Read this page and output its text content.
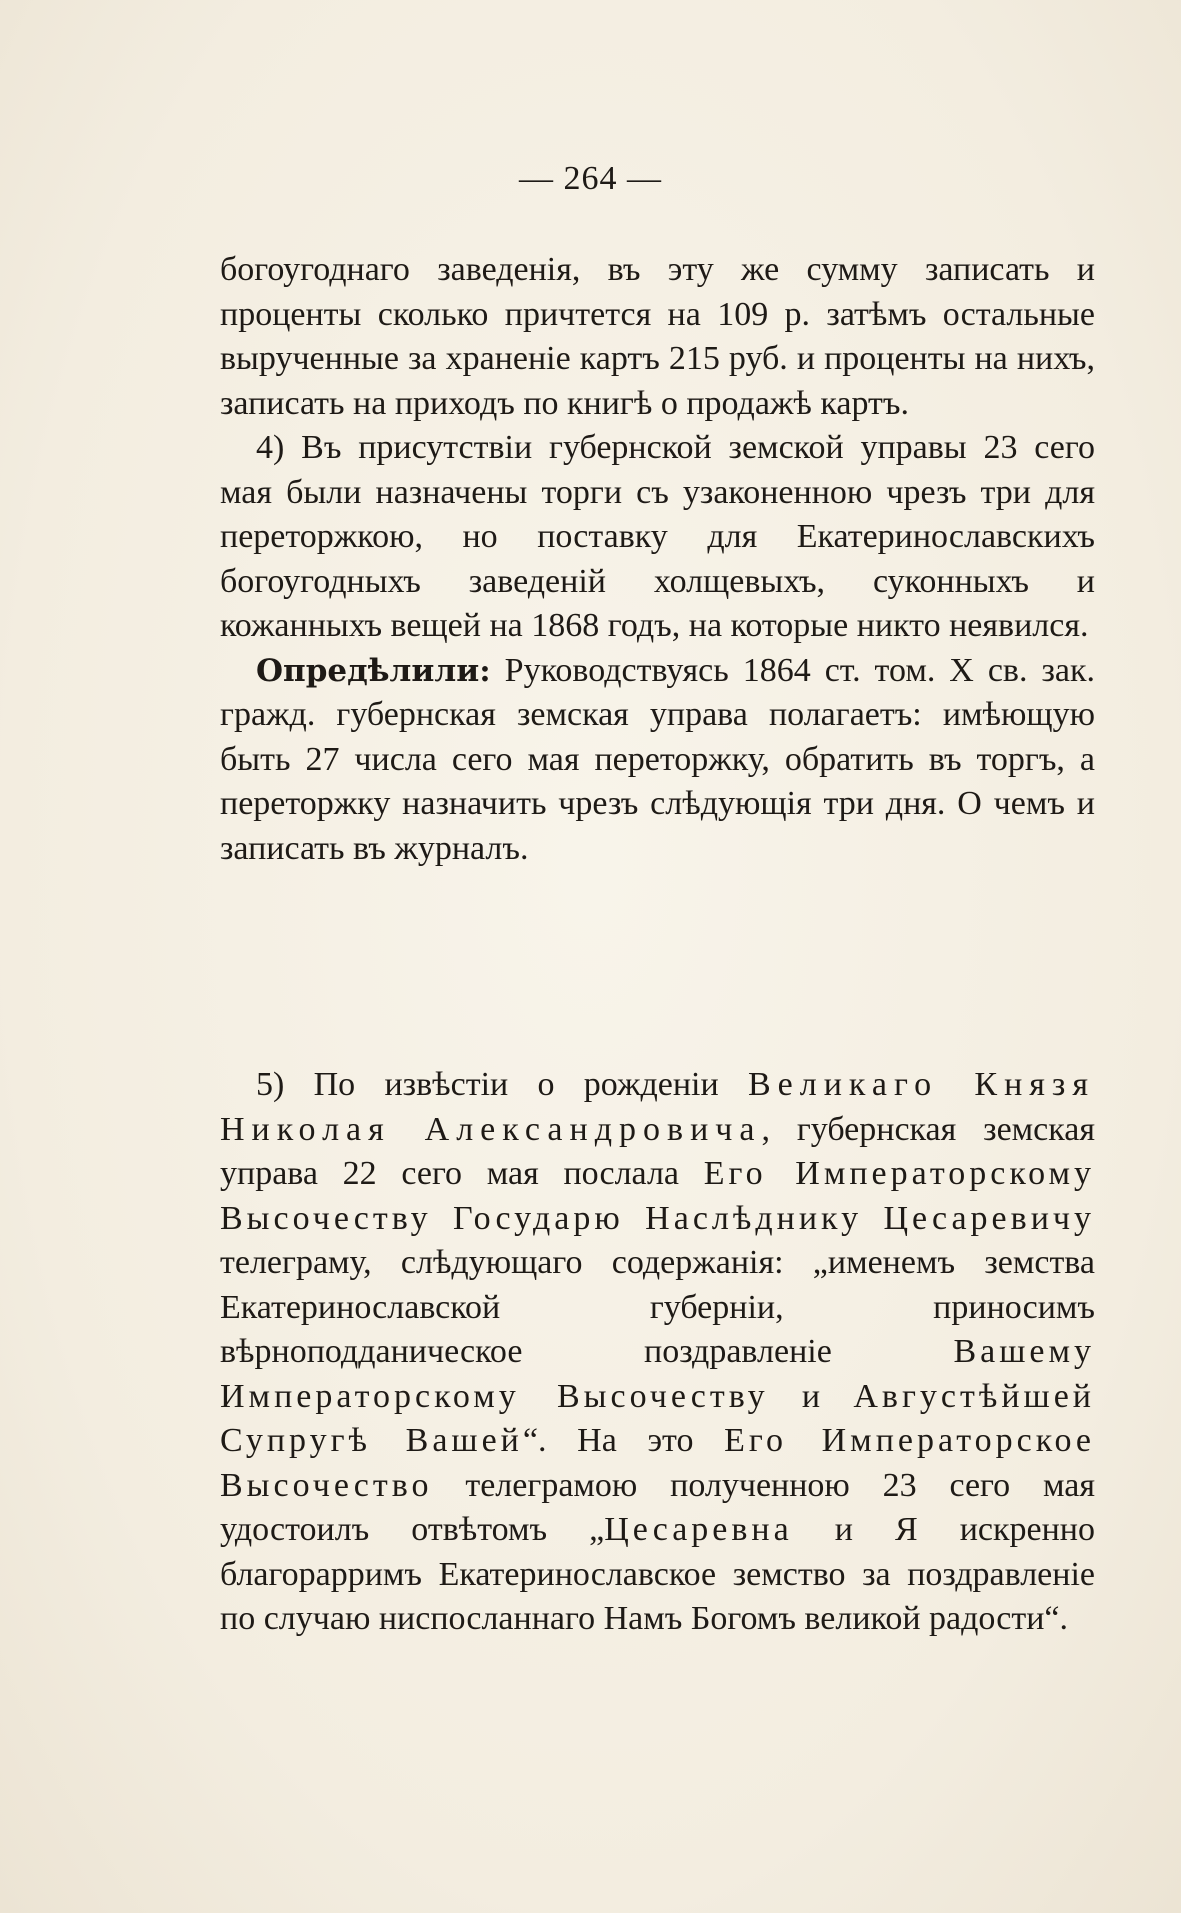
— 264 —

богоугоднаго заведенія, въ эту же сумму записать и проценты сколько причтется на 109 р. затѣмъ остальные вырученные за храненіе картъ 215 руб. и проценты на нихъ, записать на приходъ по книгѣ о продажѣ картъ.

4) Въ присутствіи губернской земской управы 23 сего мая были назначены торги съ узаконенною чрезъ три для переторжкою, но поставку для Екатеринославскихъ богоугодныхъ заведеній холщевыхъ, суконныхъ и кожанныхъ вещей на 1868 годъ, на которые никто неявился.

Опредѣлили: Руководствуясь 1864 ст. том. X св. зак. гражд. губернская земская управа полагаетъ: имѣющую быть 27 числа сего мая переторжку, обратить въ торгъ, а переторжку назначить чрезъ слѣдующія три дня. О чемъ и записать въ журналъ.

5) По извѣстіи о рожденіи Великаго Князя Николая Александровича, губернская земская управа 22 сего мая послала Его Императорскому Высочеству Государю Наслѣднику Цесаревичу телеграму, слѣдующаго содержанія: „именемъ земства Екатеринославской губерніи, приносимъ вѣрноподданическое поздравленіе Вашему Императорскому Высочеству и Августѣйшей Супругѣ Вашей“. На это Его Императорское Высочество телеграмою полученною 23 сего мая удостоилъ отвѣтомъ „Цесаревна и Я искренно благорарримъ Екатеринославское земство за поздравленіе по случаю ниспосланнаго Намъ Богомъ великой радости“.
